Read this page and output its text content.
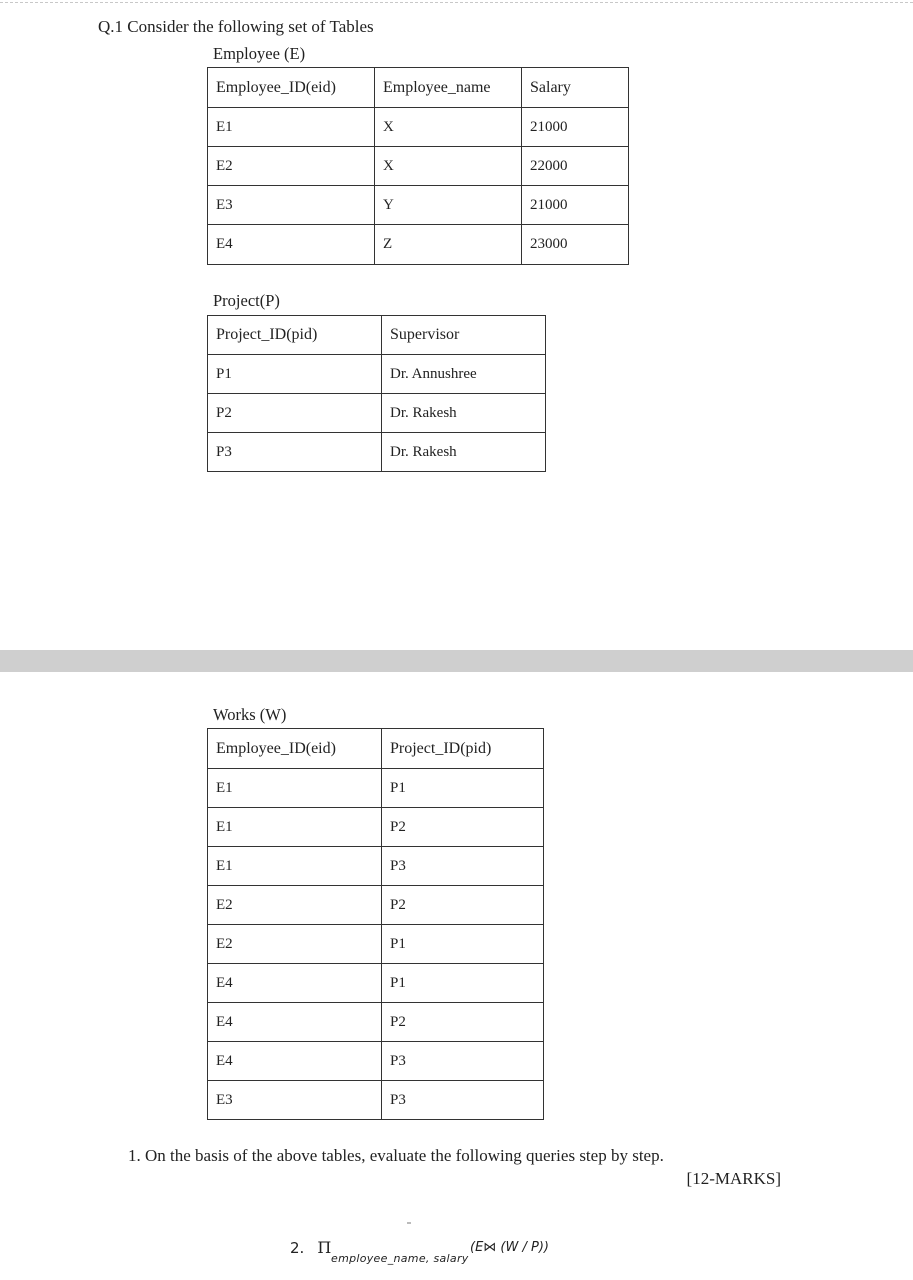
Q.1 Consider the following set of Tables
Employee (E)
Employee_ID(eid)	Employee_name	Salary
E1	X	21000
E2	X	22000
E3	Y	21000
E4	Z	23000
Project(P)
Project_ID(pid)	Supervisor
P1	Dr. Annushree
P2	Dr. Rakesh
P3	Dr. Rakesh
Works (W)
Employee_ID(eid)	Project_ID(pid)
E1	P1
E1	P2
E1	P3
E2	P2
E2	P1
E4	P1
E4	P2
E4	P3
E3	P3
1. On the basis of the above tables, evaluate the following queries step by step.
[12-MARKS]
2. Π
employee_name, salary
(E⋈ (W / P))
